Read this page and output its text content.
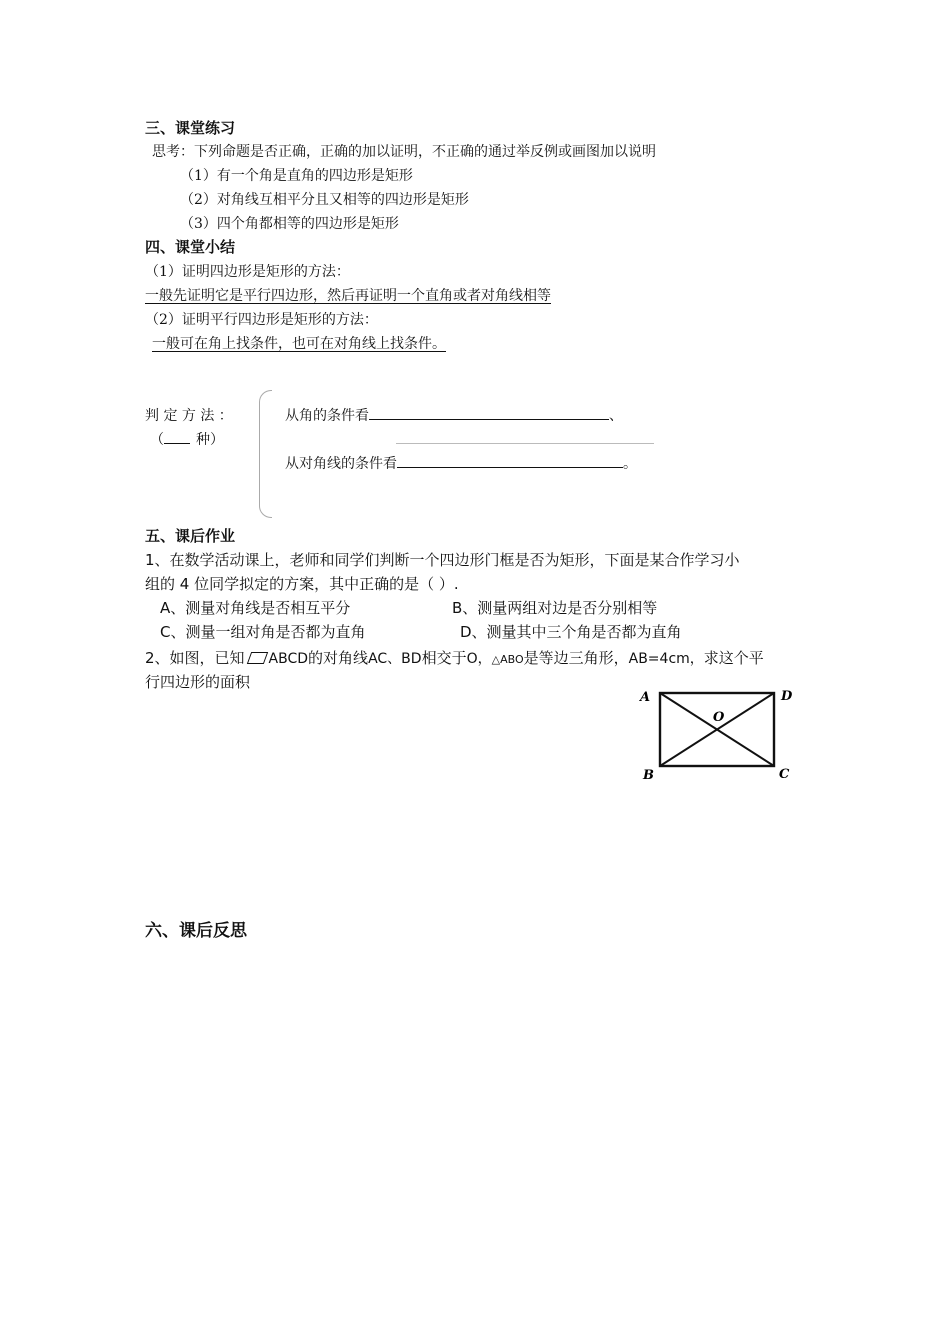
三、课堂练习
思考：下列命题是否正确，正确的加以证明，不正确的通过举反例或画图加以说明
（1）有一个角是直角的四边形是矩形
（2）对角线互相平分且又相等的四边形是矩形
（3）四个角都相等的四边形是矩形
四、课堂小结
（1）证明四边形是矩形的方法：
一般先证明它是平行四边形，然后再证明一个直角或者对角线相等
（2）证明平行四边形是矩形的方法：
一般可在角上找条件，也可在对角线上找条件。
判 定 方 法 ：
（ 种）
从角的条件看	、
从对角线的条件看	。
五、课后作业
1、在数学活动课上，老师和同学们判断一个四边形门框是否为矩形，下面是某合作学习小
组的 4 位同学拟定的方案，其中正确的是（ ）.
A、测量对角线是否相互平分	B、测量两组对边是否分别相等
C、测量一组对角是否都为直角	D、测量其中三个角是否都为直角
2、如图，已知 ABCD的对角线AC、BD相交于O，△ABO是等边三角形，AB=4cm，求这个平
行四边形的面积
A	D
O
B	C
六、课后反思
